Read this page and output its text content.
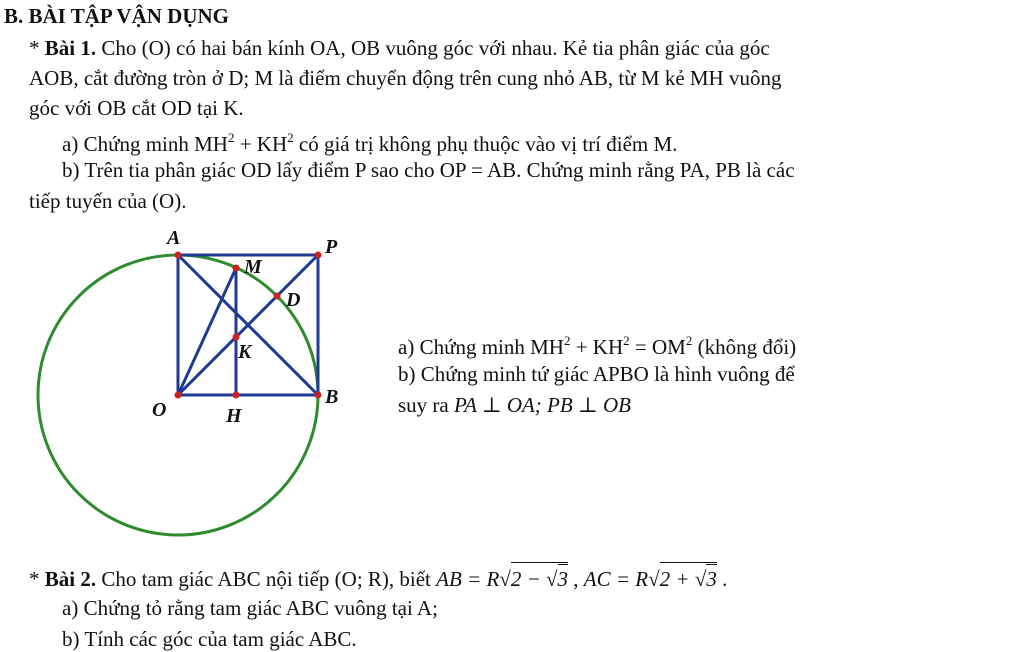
B. BÀI TẬP VẬN DỤNG
* Bài 1. Cho (O) có hai bán kính OA, OB vuông góc với nhau. Kẻ tia phân giác của góc
AOB, cắt đường tròn ở D; M là điểm chuyển động trên cung nhỏ AB, từ M kẻ MH vuông
góc với OB cắt OD tại K.
a) Chứng minh $MH^2 + KH^2$ có giá trị không phụ thuộc vào vị trí điểm M.
b) Trên tia phân giác OD lấy điểm P sao cho OP = AB. Chứng minh rằng PA, PB là các
tiếp tuyến của (O).
A	P
M
D
K
O	H
B
a) Chứng minh $MH^2 + KH^2 = OM^2$ (không đổi)
b) Chứng minh tứ giác APBO là hình vuông để
suy ra PA ⊥ OA; PB ⊥ OB
* Bài 2. Cho tam giác ABC nội tiếp (O; R), biết AB = R√2 − √3 , AC = R√2 + √3 .
a) Chứng tỏ rằng tam giác ABC vuông tại A;
b) Tính các góc của tam giác ABC.
